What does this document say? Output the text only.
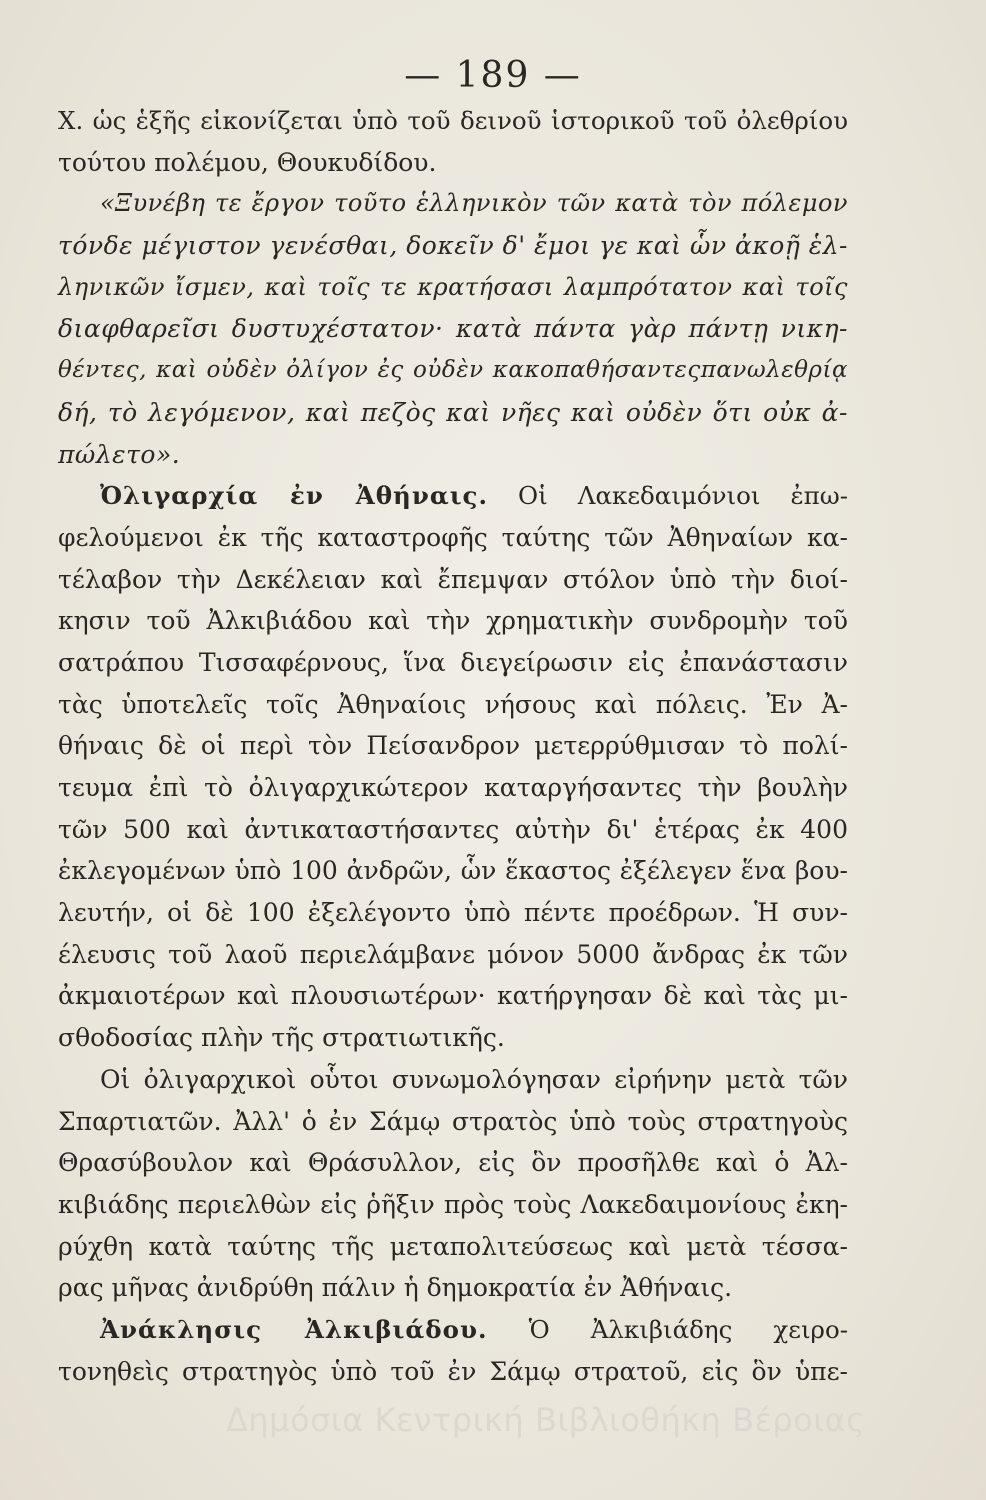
— 189 —
Χ. ὡς ἑξῆς εἰκονίζεται ὑπὸ τοῦ δεινοῦ ἱστορικοῦ τοῦ ὀλεθρίου
τούτου πολέμου, Θουκυδίδου.
«Ξυνέβη τε ἔργον τοῦτο ἑλληνικὸν τῶν κατὰ τὸν πόλεμον
τόνδε μέγιστον γενέσθαι, δοκεῖν δ' ἔμοι γε καὶ ὧν ἀκοῇ ἑλ-
ληνικῶν ἴσμεν, καὶ τοῖς τε κρατήσασι λαμπρότατον καὶ τοῖς
διαφθαρεῖσι δυστυχέστατον· κατὰ πάντα γὰρ πάντῃ νικη-
θέντες, καὶ οὐδὲν ὀλίγον ἐς οὐδὲν κακοπαθήσαντεςπανωλεθρίᾳ
δή, τὸ λεγόμενον, καὶ πεζὸς καὶ νῆες καὶ οὐδὲν ὅτι οὐκ ἀ-
πώλετο».
Ὀλιγαρχία ἐν Ἀθήναις. Οἱ Λακεδαιμόνιοι ἐπω-
φελούμενοι ἐκ τῆς καταστροφῆς ταύτης τῶν Ἀθηναίων κα-
τέλαβον τὴν Δεκέλειαν καὶ ἔπεμψαν στόλον ὑπὸ τὴν διοί-
κησιν τοῦ Ἀλκιβιάδου καὶ τὴν χρηματικὴν συνδρομὴν τοῦ
σατράπου Τισσαφέρνους, ἵνα διεγείρωσιν εἰς ἐπανάστασιν
τὰς ὑποτελεῖς τοῖς Ἀθηναίοις νήσους καὶ πόλεις. Ἐν Ἀ-
θήναις δὲ οἱ περὶ τὸν Πείσανδρον μετερρύθμισαν τὸ πολί-
τευμα ἐπὶ τὸ ὀλιγαρχικώτερον καταργήσαντες τὴν βουλὴν
τῶν 500 καὶ ἀντικαταστήσαντες αὐτὴν δι' ἑτέρας ἐκ 400
ἐκλεγομένων ὑπὸ 100 ἀνδρῶν, ὧν ἕκαστος ἐξέλεγεν ἕνα βου-
λευτήν, οἱ δὲ 100 ἐξελέγοντο ὑπὸ πέντε προέδρων. Ἡ συν-
έλευσις τοῦ λαοῦ περιελάμβανε μόνον 5000 ἄνδρας ἐκ τῶν
ἀκμαιοτέρων καὶ πλουσιωτέρων· κατήργησαν δὲ καὶ τὰς μι-
σθοδοσίας πλὴν τῆς στρατιωτικῆς.
Οἱ ὀλιγαρχικοὶ οὗτοι συνωμολόγησαν εἰρήνην μετὰ τῶν
Σπαρτιατῶν. Ἀλλ' ὁ ἐν Σάμῳ στρατὸς ὑπὸ τοὺς στρατηγοὺς
Θρασύβουλον καὶ Θράσυλλον, εἰς ὃν προσῆλθε καὶ ὁ Ἀλ-
κιβιάδης περιελθὼν εἰς ῥῆξιν πρὸς τοὺς Λακεδαιμονίους ἐκη-
ρύχθη κατὰ ταύτης τῆς μεταπολιτεύσεως καὶ μετὰ τέσσα-
ρας μῆνας ἀνιδρύθη πάλιν ἡ δημοκρατία ἐν Ἀθήναις.
Ἀνάκλησις Ἀλκιβιάδου. Ὁ Ἀλκιβιάδης χειρο-
τονηθεὶς στρατηγὸς ὑπὸ τοῦ ἐν Σάμῳ στρατοῦ, εἰς ὃν ὑπε-
Δημόσια Κεντρική Βιβλιοθήκη Βέροιας
